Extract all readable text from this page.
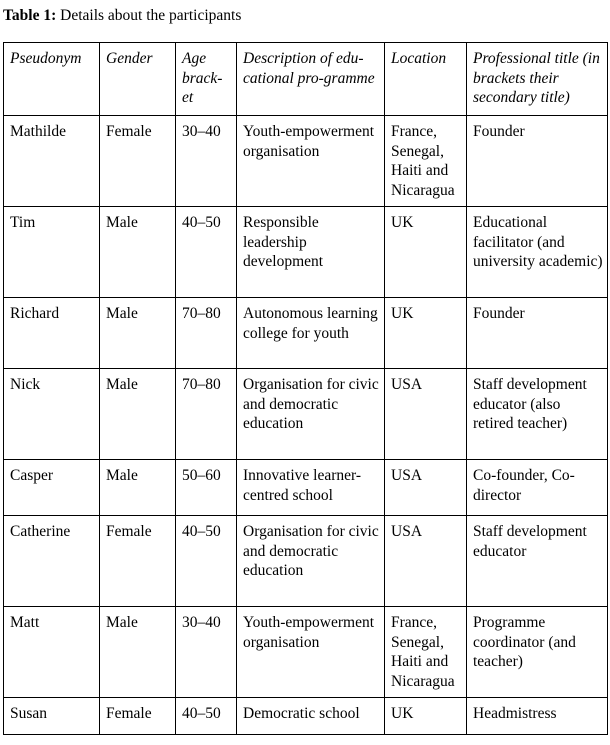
Table 1: Details about the participants
Pseudonym	Gender	Age brack-et	Description of edu-cational pro-gramme	Location	Professional title (in brackets their secondary title)
Mathilde	Female	30–40	Youth-empowerment organisation	France, Senegal, Haiti and Nicaragua	Founder
Tim	Male	40–50	Responsible leadership development	UK	Educational facilitator (and university academic)
Richard	Male	70–80	Autonomous learning college for youth	UK	Founder
Nick	Male	70–80	Organisation for civic and democratic education	USA	Staff development educator (also retired teacher)
Casper	Male	50–60	Innovative learner-centred school	USA	Co-founder, Co-director
Catherine	Female	40–50	Organisation for civic and democratic education	USA	Staff development educator
Matt	Male	30–40	Youth-empowerment organisation	France, Senegal, Haiti and Nicaragua	Programme coordinator (and teacher)
Susan	Female	40–50	Democratic school	UK	Headmistress
